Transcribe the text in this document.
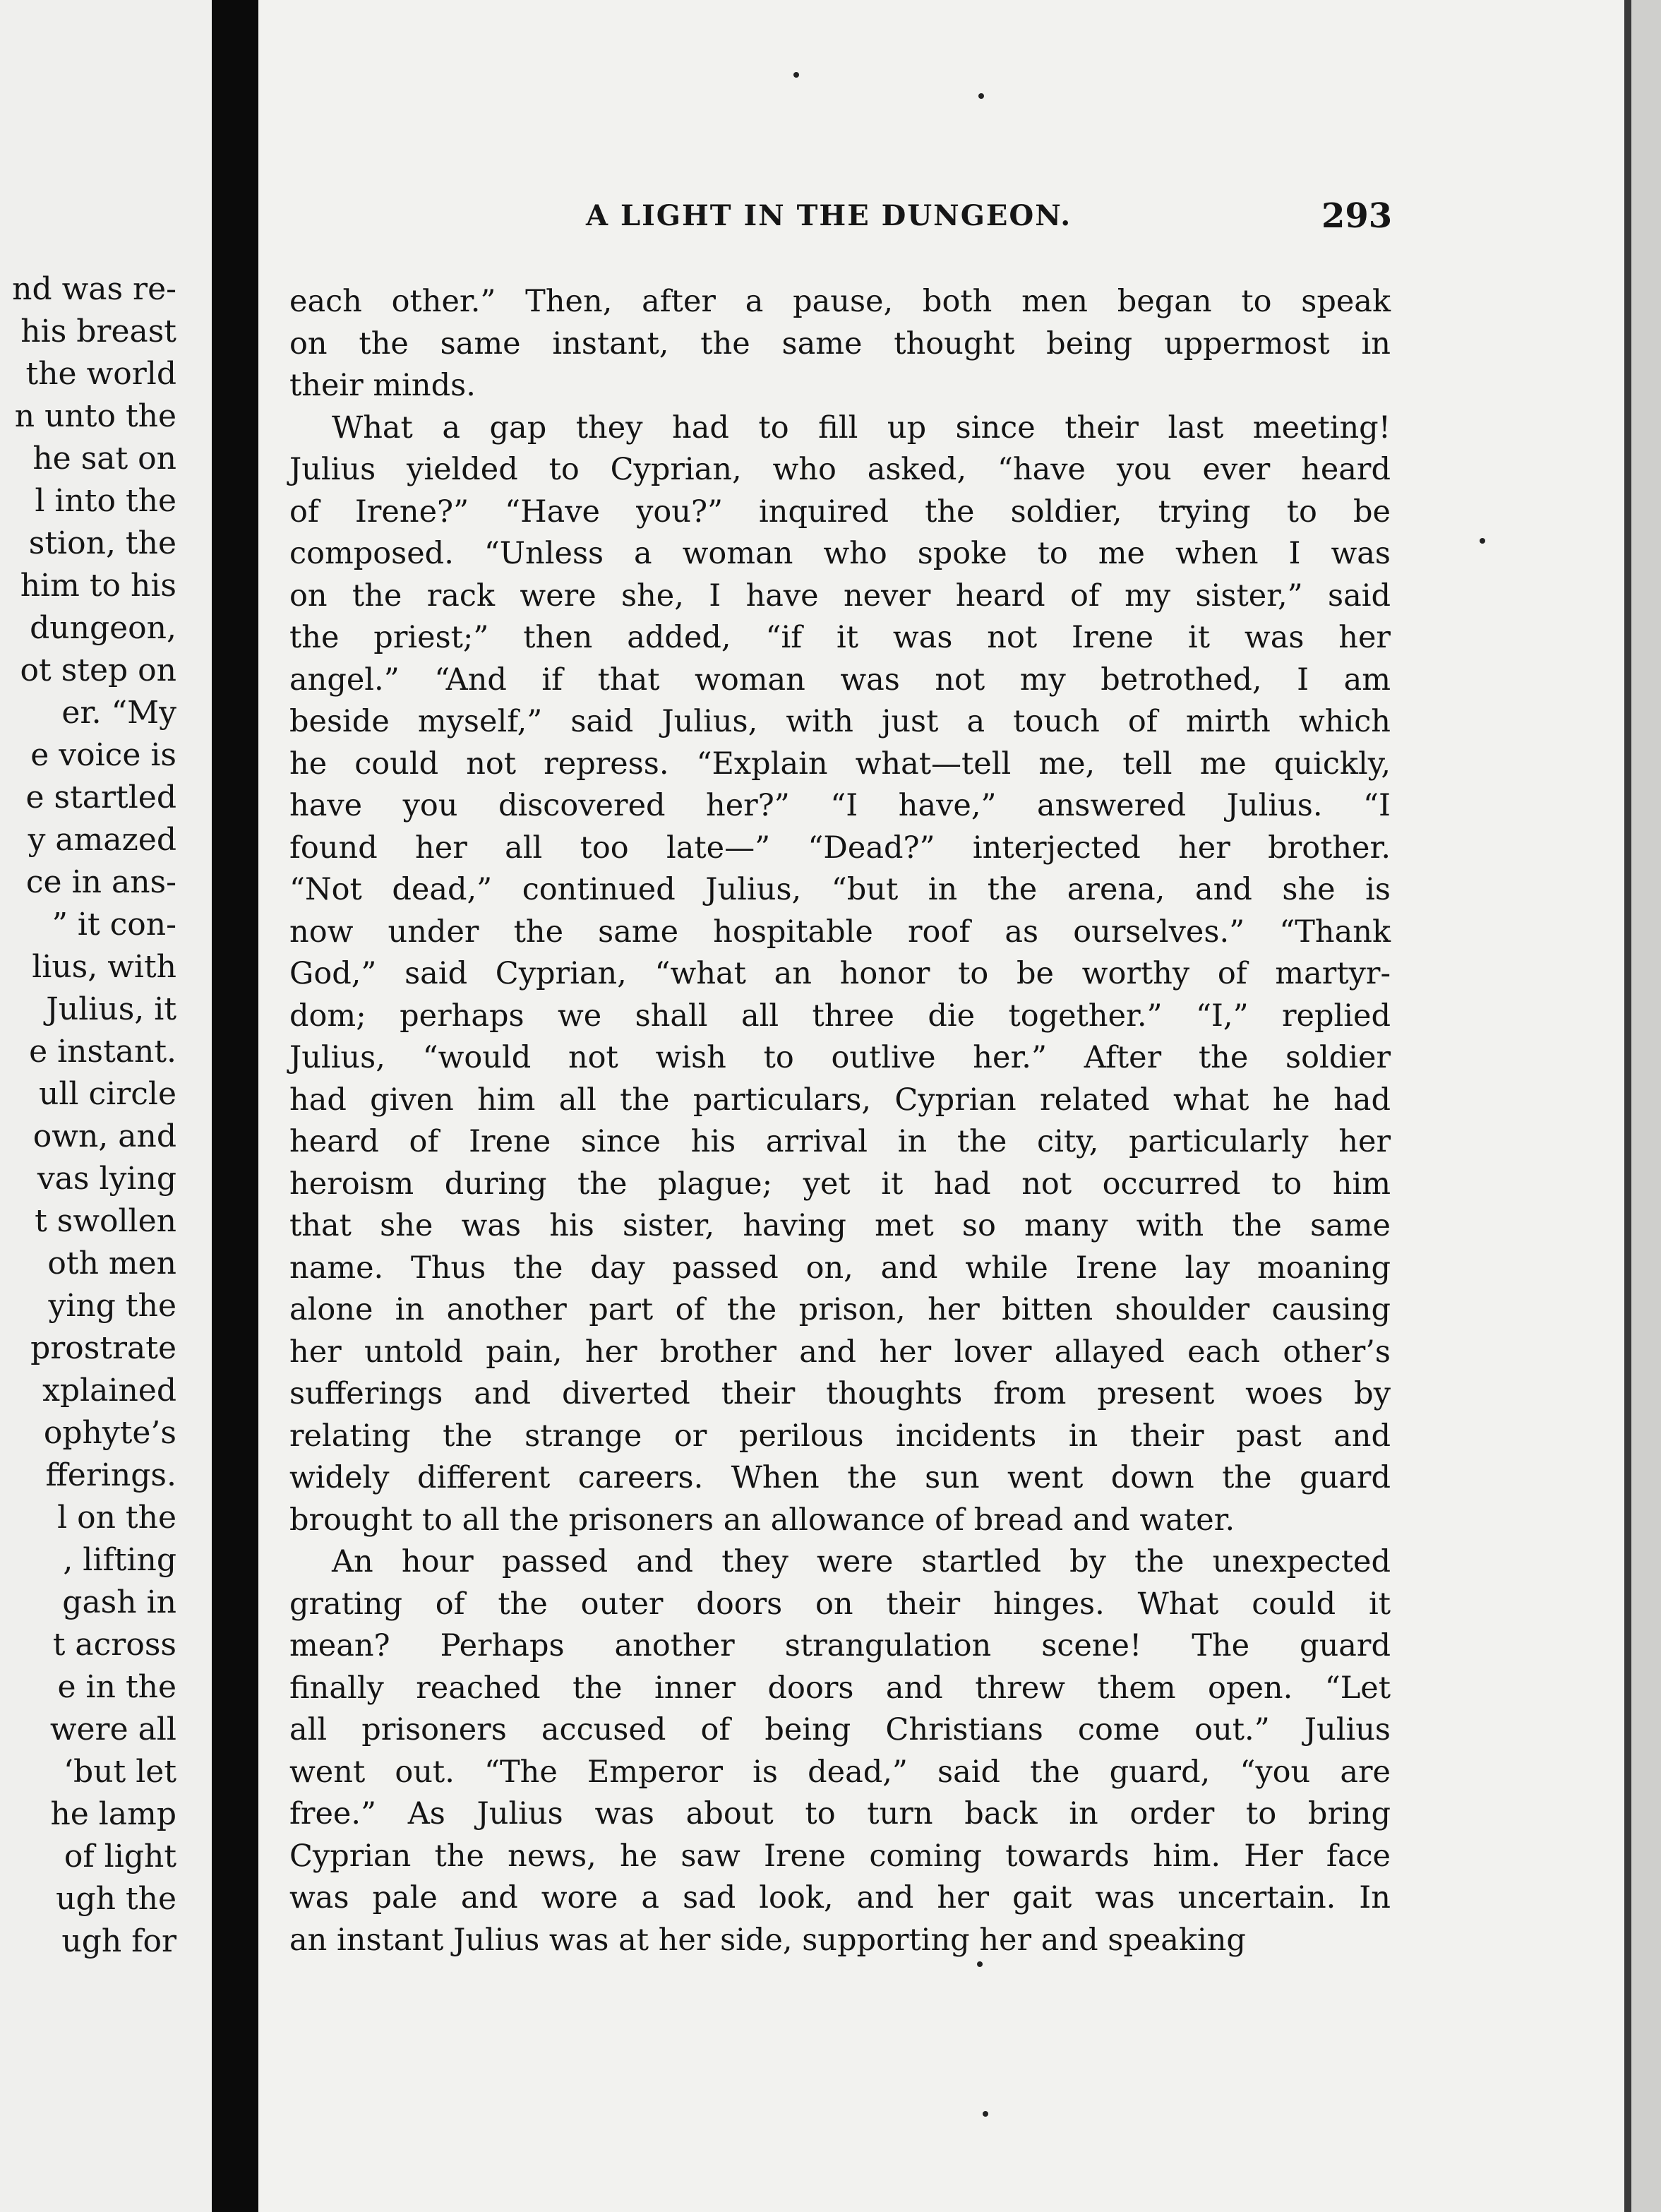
nd was re-
his breast
the world
n unto the
he sat on
l into the
stion, the
him to his
dungeon,
ot step on
er. “My
e voice is
e startled
y amazed
ce in ans-
” it con-
lius, with
Julius, it
e instant.
ull circle
own, and
vas lying
t swollen
oth men
ying the
prostrate
xplained
ophyte’s
fferings.
l on the
, lifting
gash in
t across
e in the
were all
‘but let
he lamp
of light
ugh the
ugh for
A LIGHT IN THE DUNGEON.	293
each other.” Then, after a pause, both men began to speak
on the same instant, the same thought being uppermost in
their minds.
What a gap they had to fill up since their last meeting!
Julius yielded to Cyprian, who asked, “have you ever heard
of Irene?” “Have you?” inquired the soldier, trying to be
composed. “Unless a woman who spoke to me when I was
on the rack were she, I have never heard of my sister,” said
the priest;” then added, “if it was not Irene it was her
angel.” “And if that woman was not my betrothed, I am
beside myself,” said Julius, with just a touch of mirth which
he could not repress. “Explain what—tell me, tell me quickly,
have you discovered her?” “I have,” answered Julius. “I
found her all too late—” “Dead?” interjected her brother.
“Not dead,” continued Julius, “but in the arena, and she is
now under the same hospitable roof as ourselves.” “Thank
God,” said Cyprian, “what an honor to be worthy of martyr-
dom; perhaps we shall all three die together.” “I,” replied
Julius, “would not wish to outlive her.” After the soldier
had given him all the particulars, Cyprian related what he had
heard of Irene since his arrival in the city, particularly her
heroism during the plague; yet it had not occurred to him
that she was his sister, having met so many with the same
name. Thus the day passed on, and while Irene lay moaning
alone in another part of the prison, her bitten shoulder causing
her untold pain, her brother and her lover allayed each other’s
sufferings and diverted their thoughts from present woes by
relating the strange or perilous incidents in their past and
widely different careers. When the sun went down the guard
brought to all the prisoners an allowance of bread and water.
An hour passed and they were startled by the unexpected
grating of the outer doors on their hinges. What could it
mean? Perhaps another strangulation scene! The guard
finally reached the inner doors and threw them open. “Let
all prisoners accused of being Christians come out.” Julius
went out. “The Emperor is dead,” said the guard, “you are
free.” As Julius was about to turn back in order to bring
Cyprian the news, he saw Irene coming towards him. Her face
was pale and wore a sad look, and her gait was uncertain. In
an instant Julius was at her side, supporting her and speaking
